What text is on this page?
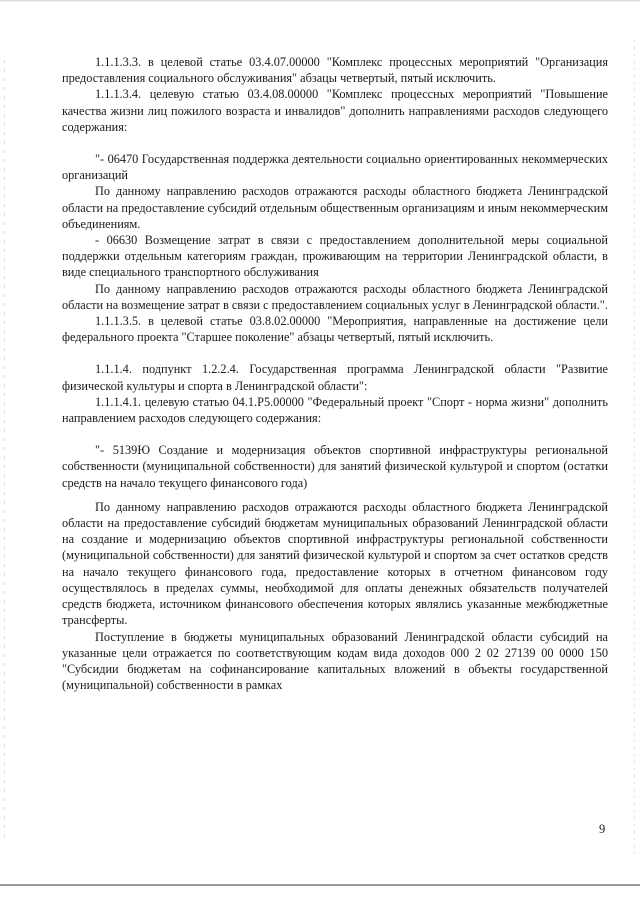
1.1.1.3.3. в целевой статье 03.4.07.00000 "Комплекс процессных мероприятий "Организация предоставления социального обслуживания" абзацы четвертый, пятый исключить.

1.1.1.3.4. целевую статью 03.4.08.00000 "Комплекс процессных мероприятий "Повышение качества жизни лиц пожилого возраста и инвалидов" дополнить направлениями расходов следующего содержания:

"- 06470 Государственная поддержка деятельности социально ориентированных некоммерческих организаций

По данному направлению расходов отражаются расходы областного бюджета Ленинградской области на предоставление субсидий отдельным общественным организациям и иным некоммерческим объединениям.

- 06630 Возмещение затрат в связи с предоставлением дополнительной меры социальной поддержки отдельным категориям граждан, проживающим на территории Ленинградской области, в виде специального транспортного обслуживания

По данному направлению расходов отражаются расходы областного бюджета Ленинградской области на возмещение затрат в связи с предоставлением социальных услуг в Ленинградской области.".

1.1.1.3.5. в целевой статье 03.8.02.00000 "Мероприятия, направленные на достижение цели федерального проекта "Старшее поколение" абзацы четвертый, пятый исключить.

1.1.1.4. подпункт 1.2.2.4. Государственная программа Ленинградской области "Развитие физической культуры и спорта в Ленинградской области":

1.1.1.4.1. целевую статью 04.1.P5.00000 "Федеральный проект "Спорт - норма жизни" дополнить направлением расходов следующего содержания:

"- 5139Ю Создание и модернизация объектов спортивной инфраструктуры региональной собственности (муниципальной собственности) для занятий физической культурой и спортом (остатки средств на начало текущего финансового года)

По данному направлению расходов отражаются расходы областного бюджета Ленинградской области на предоставление субсидий бюджетам муниципальных образований Ленинградской области на создание и модернизацию объектов спортивной инфраструктуры региональной собственности (муниципальной собственности) для занятий физической культурой и спортом за счет остатков средств на начало текущего финансового года, предоставление которых в отчетном финансовом году осуществлялось в пределах суммы, необходимой для оплаты денежных обязательств получателей средств бюджета, источником финансового обеспечения которых являлись указанные межбюджетные трансферты.

Поступление в бюджеты муниципальных образований Ленинградской области субсидий на указанные цели отражается по соответствующим кодам вида доходов 000 2 02 27139 00 0000 150 "Субсидии бюджетам на софинансирование капитальных вложений в объекты государственной (муниципальной) собственности в рамках

9
